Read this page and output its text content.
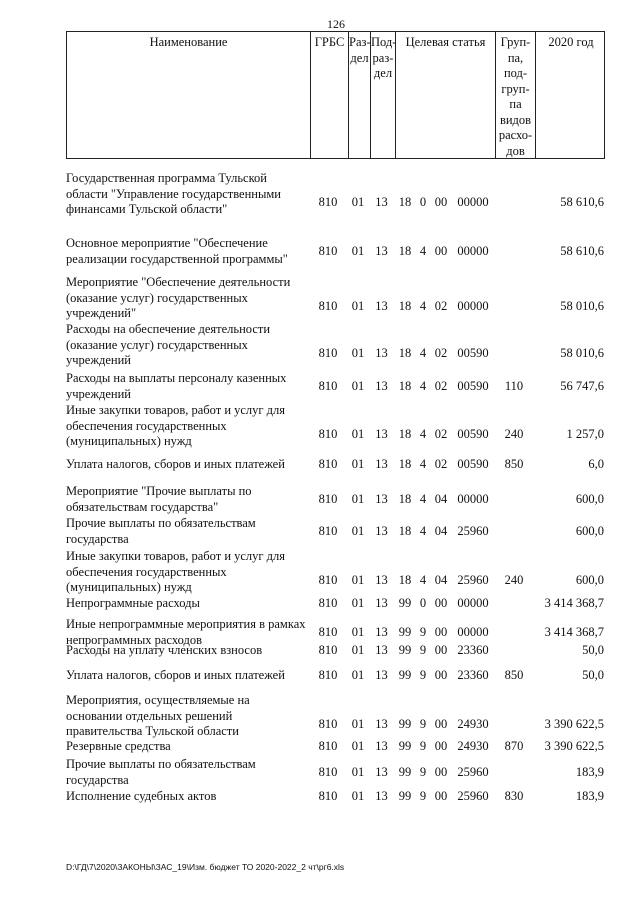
126
Наименование	ГРБС Раз-
дел
Под-
раз-
дел
Целевая статья	Груп-
па,
под-
груп-
па
видов
расхо-
дов
2020 год
Государственная программа Тульской области "Управление государственными финансами Тульской области"
810	01 13 18 0 00 00000	58 610,6
Основное мероприятие "Обеспечение реализации государственной программы"
810	01 13 18 4 00 00000	58 610,6
Мероприятие "Обеспечение деятельности (оказание услуг) государственных учреждений"
810	01 13 18 4 02 00000	58 010,6
Расходы на обеспечение деятельности (оказание услуг) государственных учреждений
810	01 13 18 4 02 00590	58 010,6
Расходы на выплаты персоналу казенных учреждений
810	01 13 18 4 02 00590	110	56 747,6
Иные закупки товаров, работ и услуг для обеспечения государственных (муниципальных) нужд
810	01 13 18 4 02 00590	240	1 257,0
Уплата налогов, сборов и иных платежей	810	01 13 18 4 02 00590	850	6,0
Мероприятие "Прочие выплаты по обязательствам государства"
810	01 13 18 4 04 00000	600,0
Прочие выплаты по обязательствам государства
810	01 13 18 4 04 25960	600,0
Иные закупки товаров, работ и услуг для обеспечения государственных (муниципальных) нужд
810	01 13 18 4 04 25960	240	600,0
Непрограммные расходы	810	01 13 99 0 00 00000	3 414 368,7
Иные непрограммные мероприятия в рамках непрограммных расходов
810	01 13 99 9 00 00000	3 414 368,7
Расходы на уплату членских взносов	810	01 13 99 9 00 23360	50,0
Уплата налогов, сборов и иных платежей	810	01 13 99 9 00 23360	850	50,0
Мероприятия, осуществляемые на основании отдельных решений правительства Тульской области
810	01 13 99 9 00 24930	3 390 622,5
Резервные средства	810	01 13 99 9 00 24930	870	3 390 622,5
Прочие выплаты по обязательствам государства
810	01 13 99 9 00 25960	183,9
Исполнение судебных актов	810	01 13 99 9 00 25960	830	183,9
D:\ГД\7\2020\ЗАКОНЫ\ЗАС_19\Изм. бюджет ТО 2020-2022_2 чт\рг6.xls
